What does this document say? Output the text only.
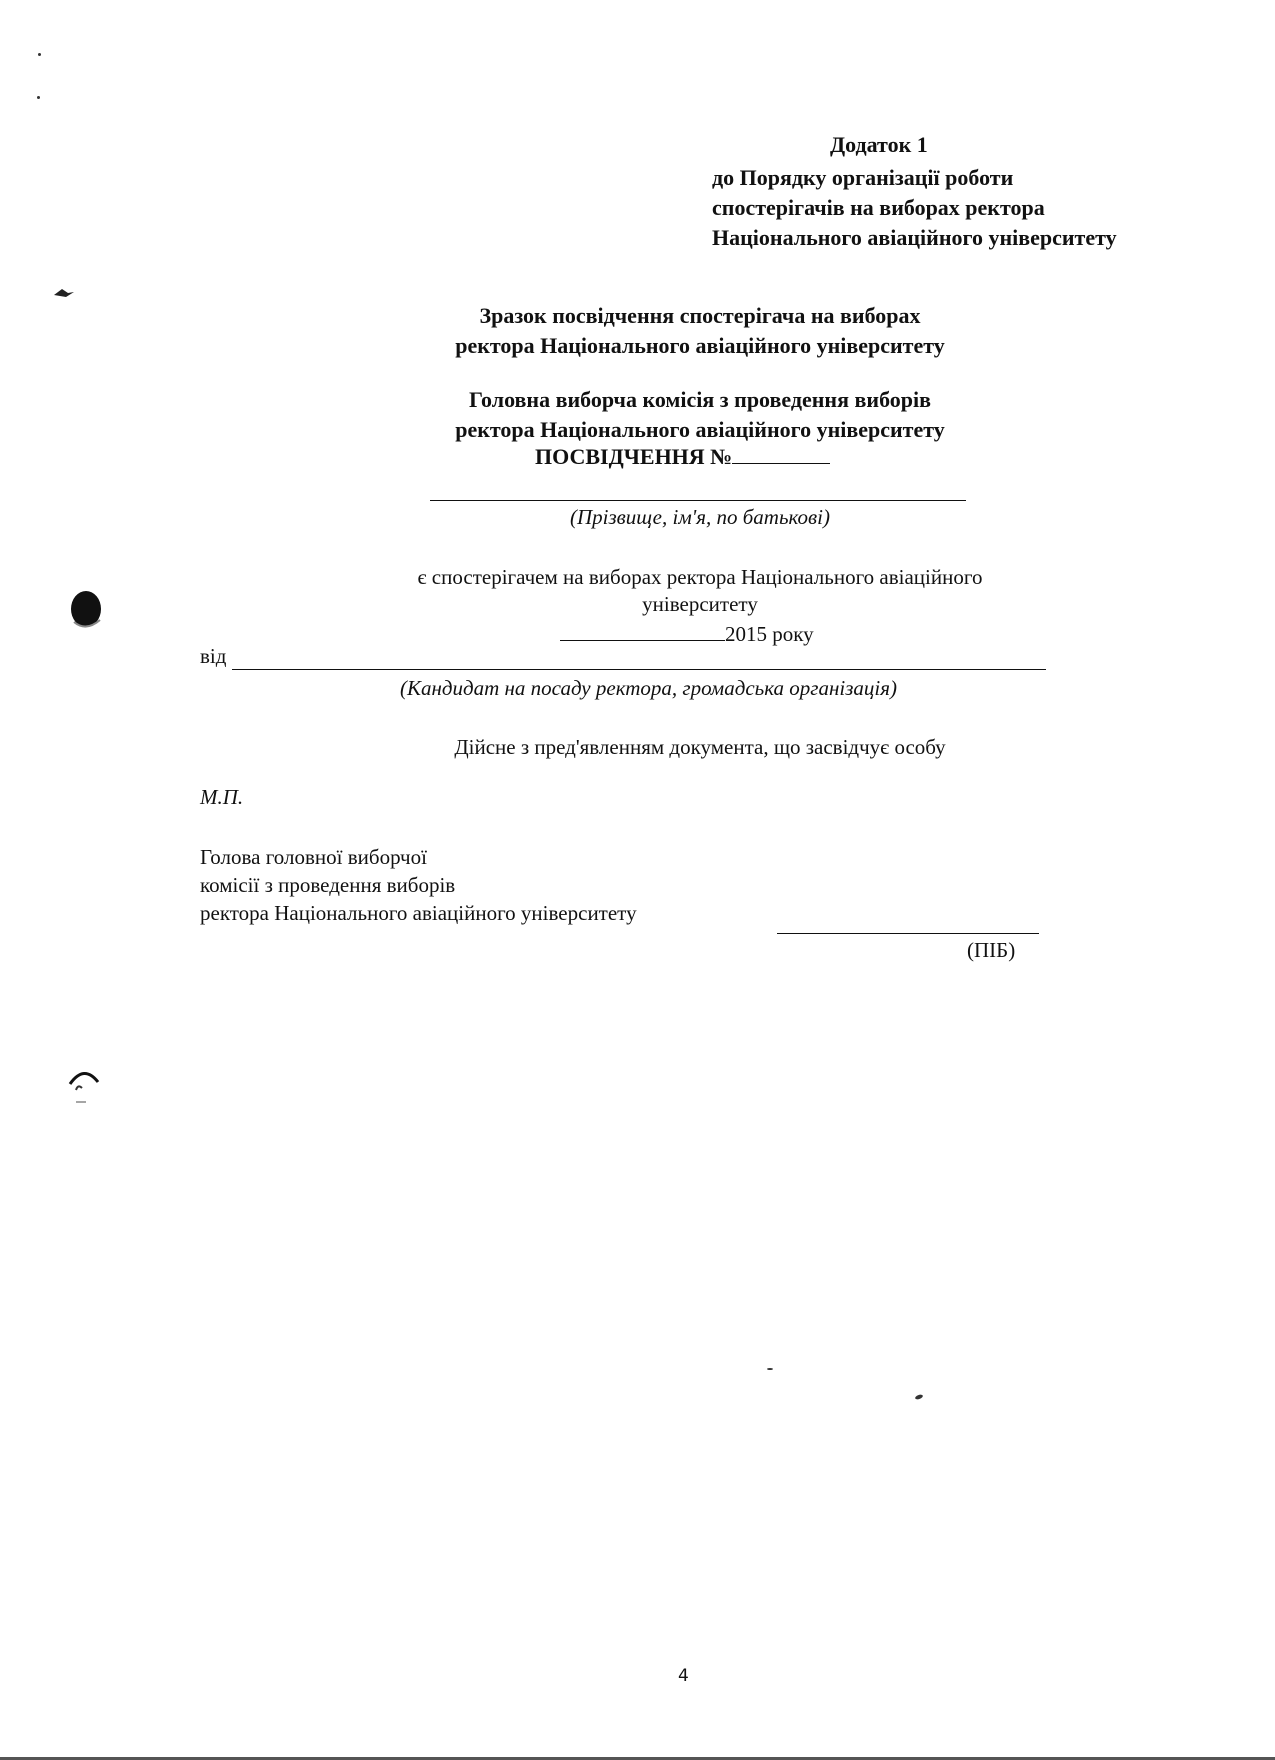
Додаток 1
до Порядку організації роботи
спостерігачів на виборах ректора
Національного авіаційного університету
Зразок посвідчення спостерігача на виборах
ректора Національного авіаційного університету
Головна виборча комісія з проведення виборів
ректора Національного авіаційного університету
ПОСВІДЧЕННЯ №
(Прізвище, ім'я, по батькові)
є спостерігачем на виборах ректора Національного авіаційного
університету
2015 року
від
(Кандидат на посаду ректора, громадська організація)
Дійсне з пред'явленням документа, що засвідчує особу
М.П.
Голова головної виборчої
комісії з проведення виборів
ректора Національного авіаційного університету
(ПІБ)
4
